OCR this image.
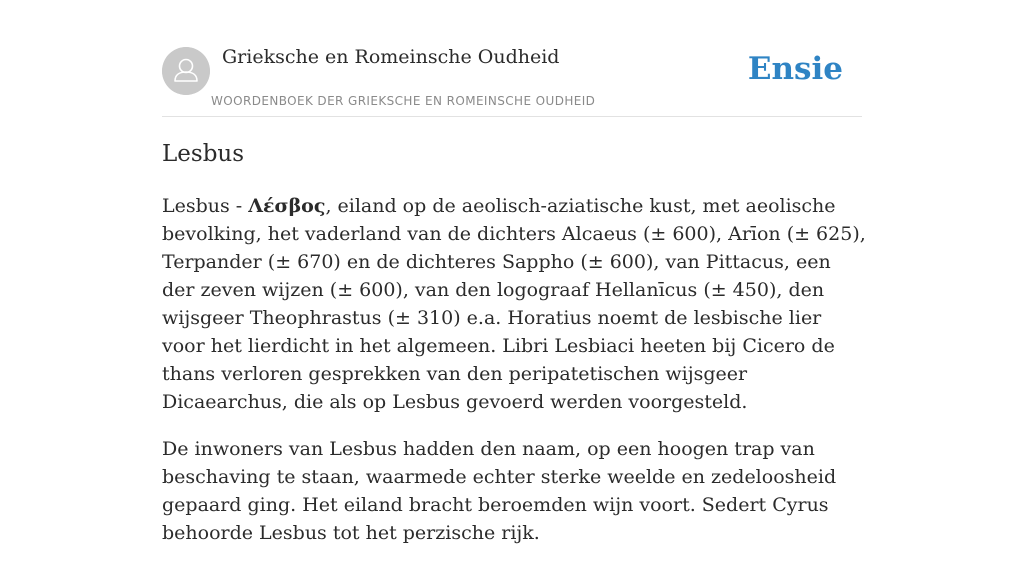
Grieksche en Romeinsche Oudheid
WOORDENBOEK DER GRIEKSCHE EN ROMEINSCHE OUDHEID
Ensie
Lesbus

Lesbus - Λέσβος, eiland op de aeolisch-aziatische kust, met aeolische bevolking, het vaderland van de dichters Alcaeus (± 600), Arīon (± 625), Terpander (± 670) en de dichteres Sappho (± 600), van Pittacus, een der zeven wijzen (± 600), van den logograaf Hellanīcus (± 450), den wijsgeer Theophrastus (± 310) e.a. Horatius noemt de lesbische lier voor het lierdicht in het algemeen. Libri Lesbiaci heeten bij Cicero de thans verloren gesprekken van den peripatetischen wijsgeer Dicaearchus, die als op Lesbus gevoerd werden voorgesteld.

De inwoners van Lesbus hadden den naam, op een hoogen trap van beschaving te staan, waarmede echter sterke weelde en zedeloosheid gepaard ging. Het eiland bracht beroemden wijn voort. Sedert Cyrus behoorde Lesbus tot het perzische rijk.
